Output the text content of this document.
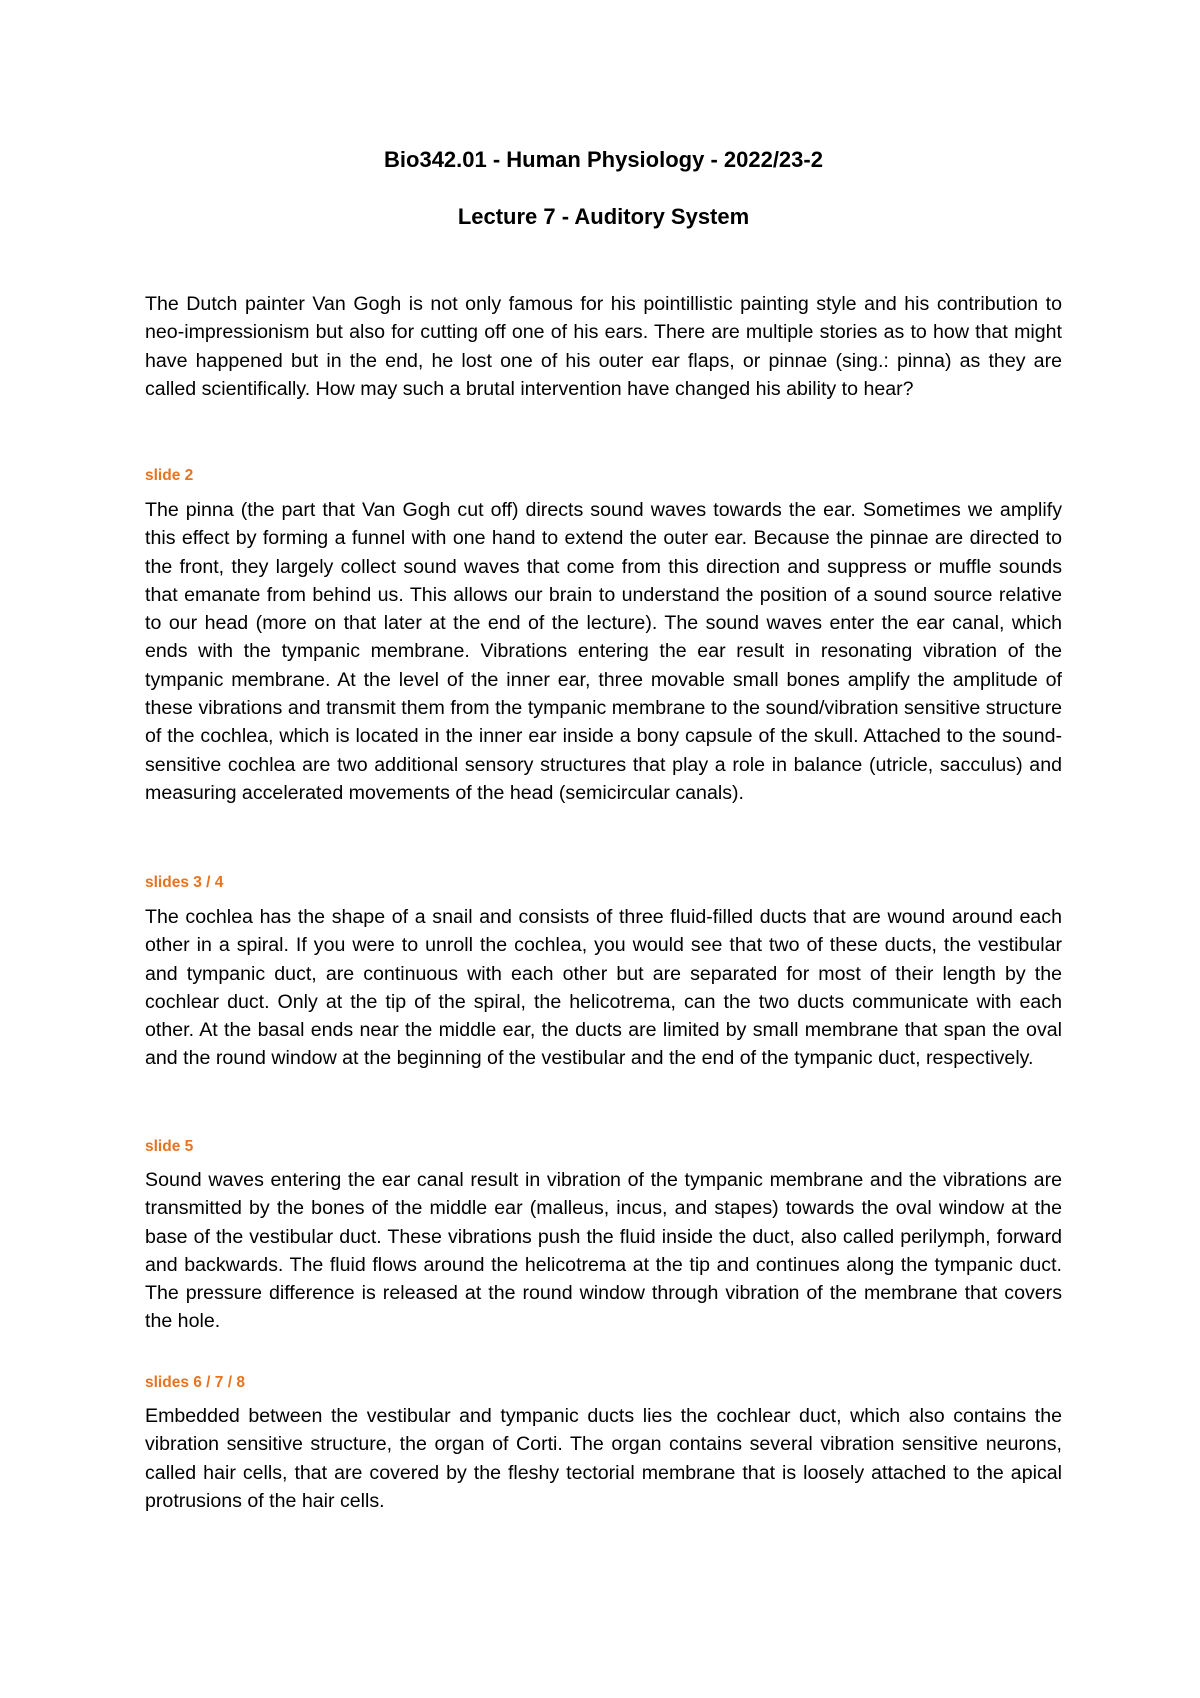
Bio342.01 - Human Physiology - 2022/23-2
Lecture 7 - Auditory System

The Dutch painter Van Gogh is not only famous for his pointillistic painting style and his contribution to neo-impressionism but also for cutting off one of his ears. There are multiple stories as to how that might have happened but in the end, he lost one of his outer ear flaps, or pinnae (sing.: pinna) as they are called scientifically. How may such a brutal intervention have changed his ability to hear?

slide 2

The pinna (the part that Van Gogh cut off) directs sound waves towards the ear. Sometimes we amplify this effect by forming a funnel with one hand to extend the outer ear. Because the pinnae are directed to the front, they largely collect sound waves that come from this direction and suppress or muffle sounds that emanate from behind us. This allows our brain to understand the position of a sound source relative to our head (more on that later at the end of the lecture). The sound waves enter the ear canal, which ends with the tympanic membrane. Vibrations entering the ear result in resonating vibration of the tympanic membrane. At the level of the inner ear, three movable small bones amplify the amplitude of these vibrations and transmit them from the tympanic membrane to the sound/vibration sensitive structure of the cochlea, which is located in the inner ear inside a bony capsule of the skull. Attached to the sound-sensitive cochlea are two additional sensory structures that play a role in balance (utricle, sacculus) and measuring accelerated movements of the head (semicircular canals).

slides 3 / 4

The cochlea has the shape of a snail and consists of three fluid-filled ducts that are wound around each other in a spiral. If you were to unroll the cochlea, you would see that two of these ducts, the vestibular and tympanic duct, are continuous with each other but are separated for most of their length by the cochlear duct. Only at the tip of the spiral, the helicotrema, can the two ducts communicate with each other. At the basal ends near the middle ear, the ducts are limited by small membrane that span the oval and the round window at the beginning of the vestibular and the end of the tympanic duct, respectively.

slide 5

Sound waves entering the ear canal result in vibration of the tympanic membrane and the vibrations are transmitted by the bones of the middle ear (malleus, incus, and stapes) towards the oval window at the base of the vestibular duct. These vibrations push the fluid inside the duct, also called perilymph, forward and backwards. The fluid flows around the helicotrema at the tip and continues along the tympanic duct. The pressure difference is released at the round window through vibration of the membrane that covers the hole.

slides 6 / 7 / 8

Embedded between the vestibular and tympanic ducts lies the cochlear duct, which also contains the vibration sensitive structure, the organ of Corti. The organ contains several vibration sensitive neurons, called hair cells, that are covered by the fleshy tectorial membrane that is loosely attached to the apical protrusions of the hair cells.
